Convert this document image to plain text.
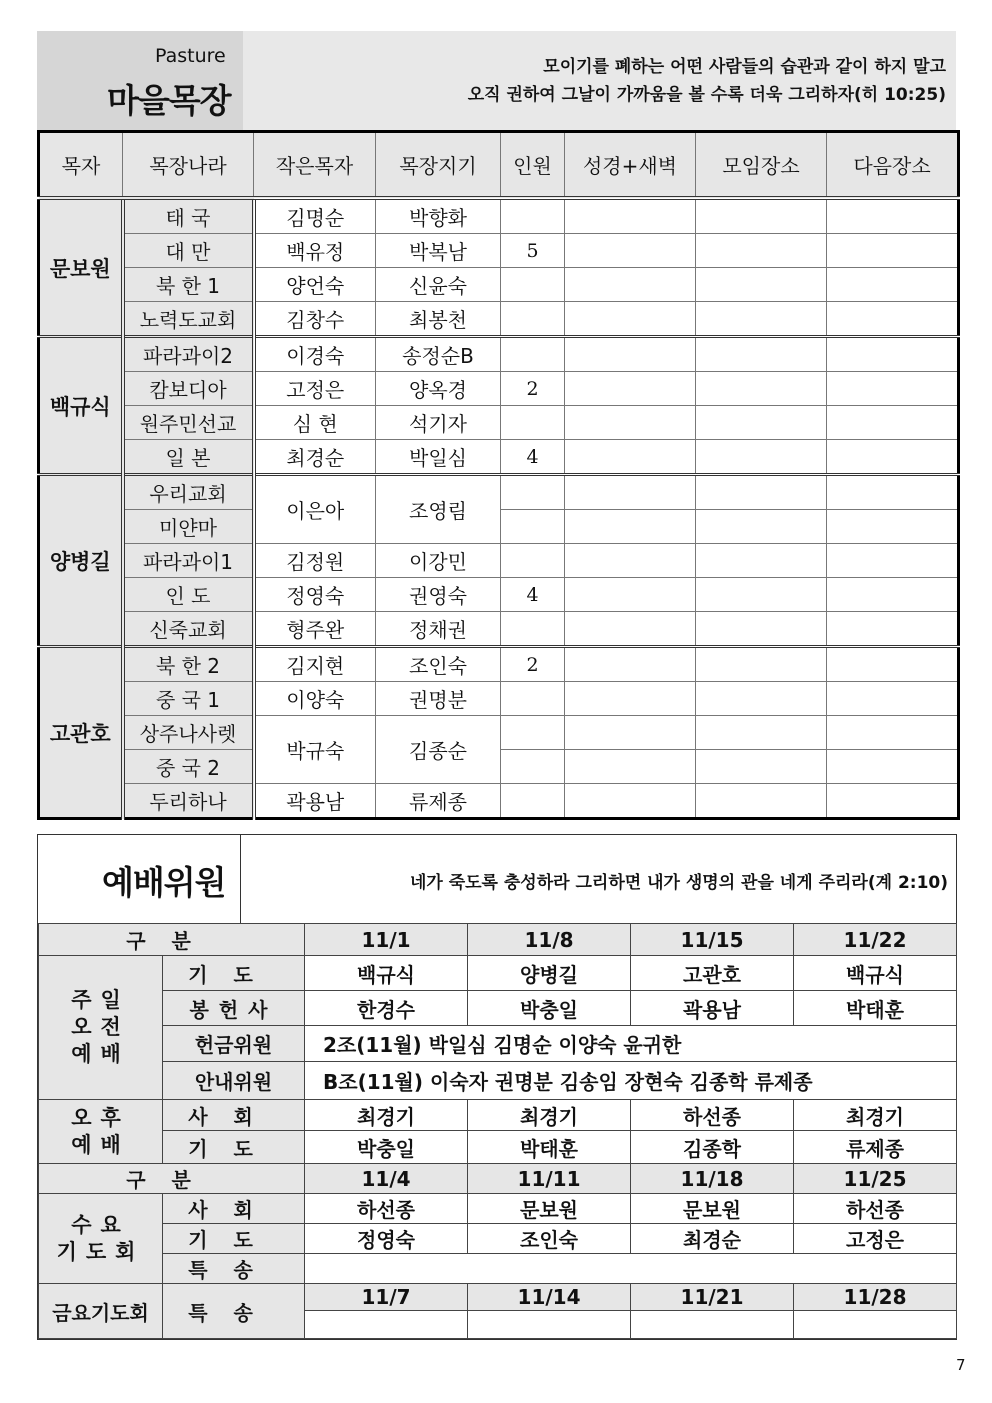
Pasture
마을목장
모이기를 폐하는 어떤 사람들의 습관과 같이 하지 말고
오직 권하여 그날이 가까움을 볼 수록 더욱 그리하자(히 10:25)
목자	목장나라	작은목자	목장지기	인원	성경+새벽	모임장소	다음장소
문보원	태 국	김명순	박향화				
	대 만	백유정	박복남	5			
	북 한 1	양언숙	신윤숙				
	노력도교회	김창수	최봉천				
백규식	파라과이2	이경숙	송정순B				
	캄보디아	고정은	양옥경	2			
	원주민선교	심 현	석기자				
	일 본	최경순	박일심	4			
양병길	우리교회	이은아	조영림				
	미얀마						
	파라과이1	김정원	이강민				
	인 도	정영숙	권영숙	4			
	신죽교회	형주완	정채권				
고관호	북 한 2	김지현	조인숙	2			
	중 국 1	이양숙	권명분				
	상주나사렛	박규숙	김종순				
	중 국 2						
	두리하나	곽용남	류제종				
예배위원	네가 죽도록 충성하라 그리하면 내가 생명의 관을 네게 주리라(계 2:10)
구분		11/1	11/8	11/15	11/22
주일
오전
예배	기도	백규식	양병길	고관호	백규식
	봉헌사	한경수	박충일	곽용남	박태훈
	헌금위원	2조(11월) 박일심 김명순 이양숙 윤귀한			
	안내위원	B조(11월) 이숙자 권명분 김송임 장현숙 김종학 류제종			
오후
예배	사회	최경기	최경기	하선종	최경기
	기도	박충일	박태훈	김종학	류제종
구분		11/4	11/11	11/18	11/25
수요
기도회	사회	하선종	문보원	문보원	하선종
	기도	정영숙	조인숙	최경순	고정은
	특송				
금요기도회	특송	11/7	11/14	11/21	11/28

7
